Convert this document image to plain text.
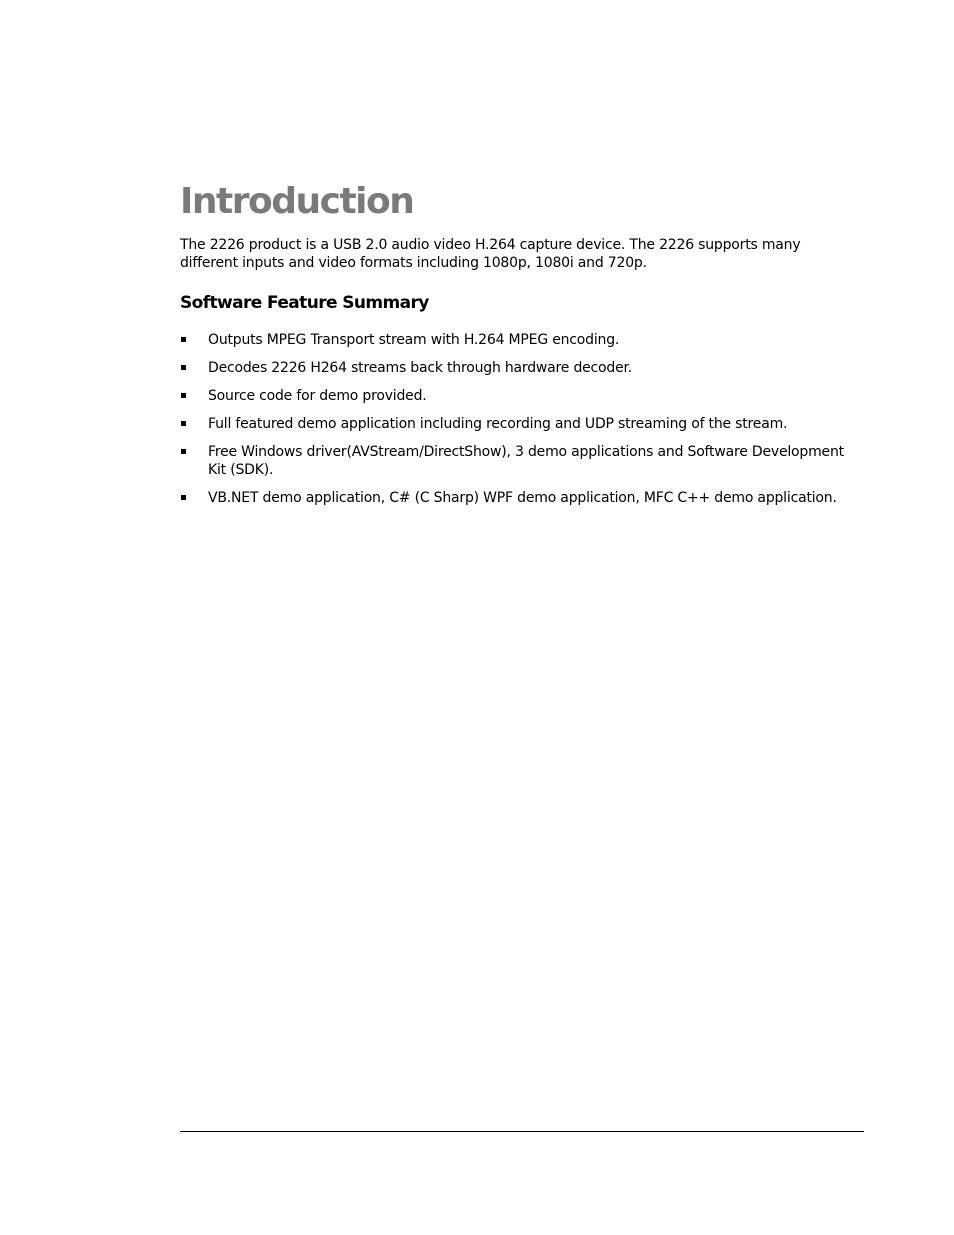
Introduction

The 2226 product is a USB 2.0 audio video H.264 capture device. The 2226 supports many different inputs and video formats including 1080p, 1080i and 720p.

Software Feature Summary
Outputs MPEG Transport stream with H.264 MPEG encoding.
Decodes 2226 H264 streams back through hardware decoder.
Source code for demo provided.
Full featured demo application including recording and UDP streaming of the stream.
Free Windows driver(AVStream/DirectShow), 3 demo applications and Software Development Kit (SDK).
VB.NET demo application, C# (C Sharp) WPF demo application, MFC C++ demo application.
